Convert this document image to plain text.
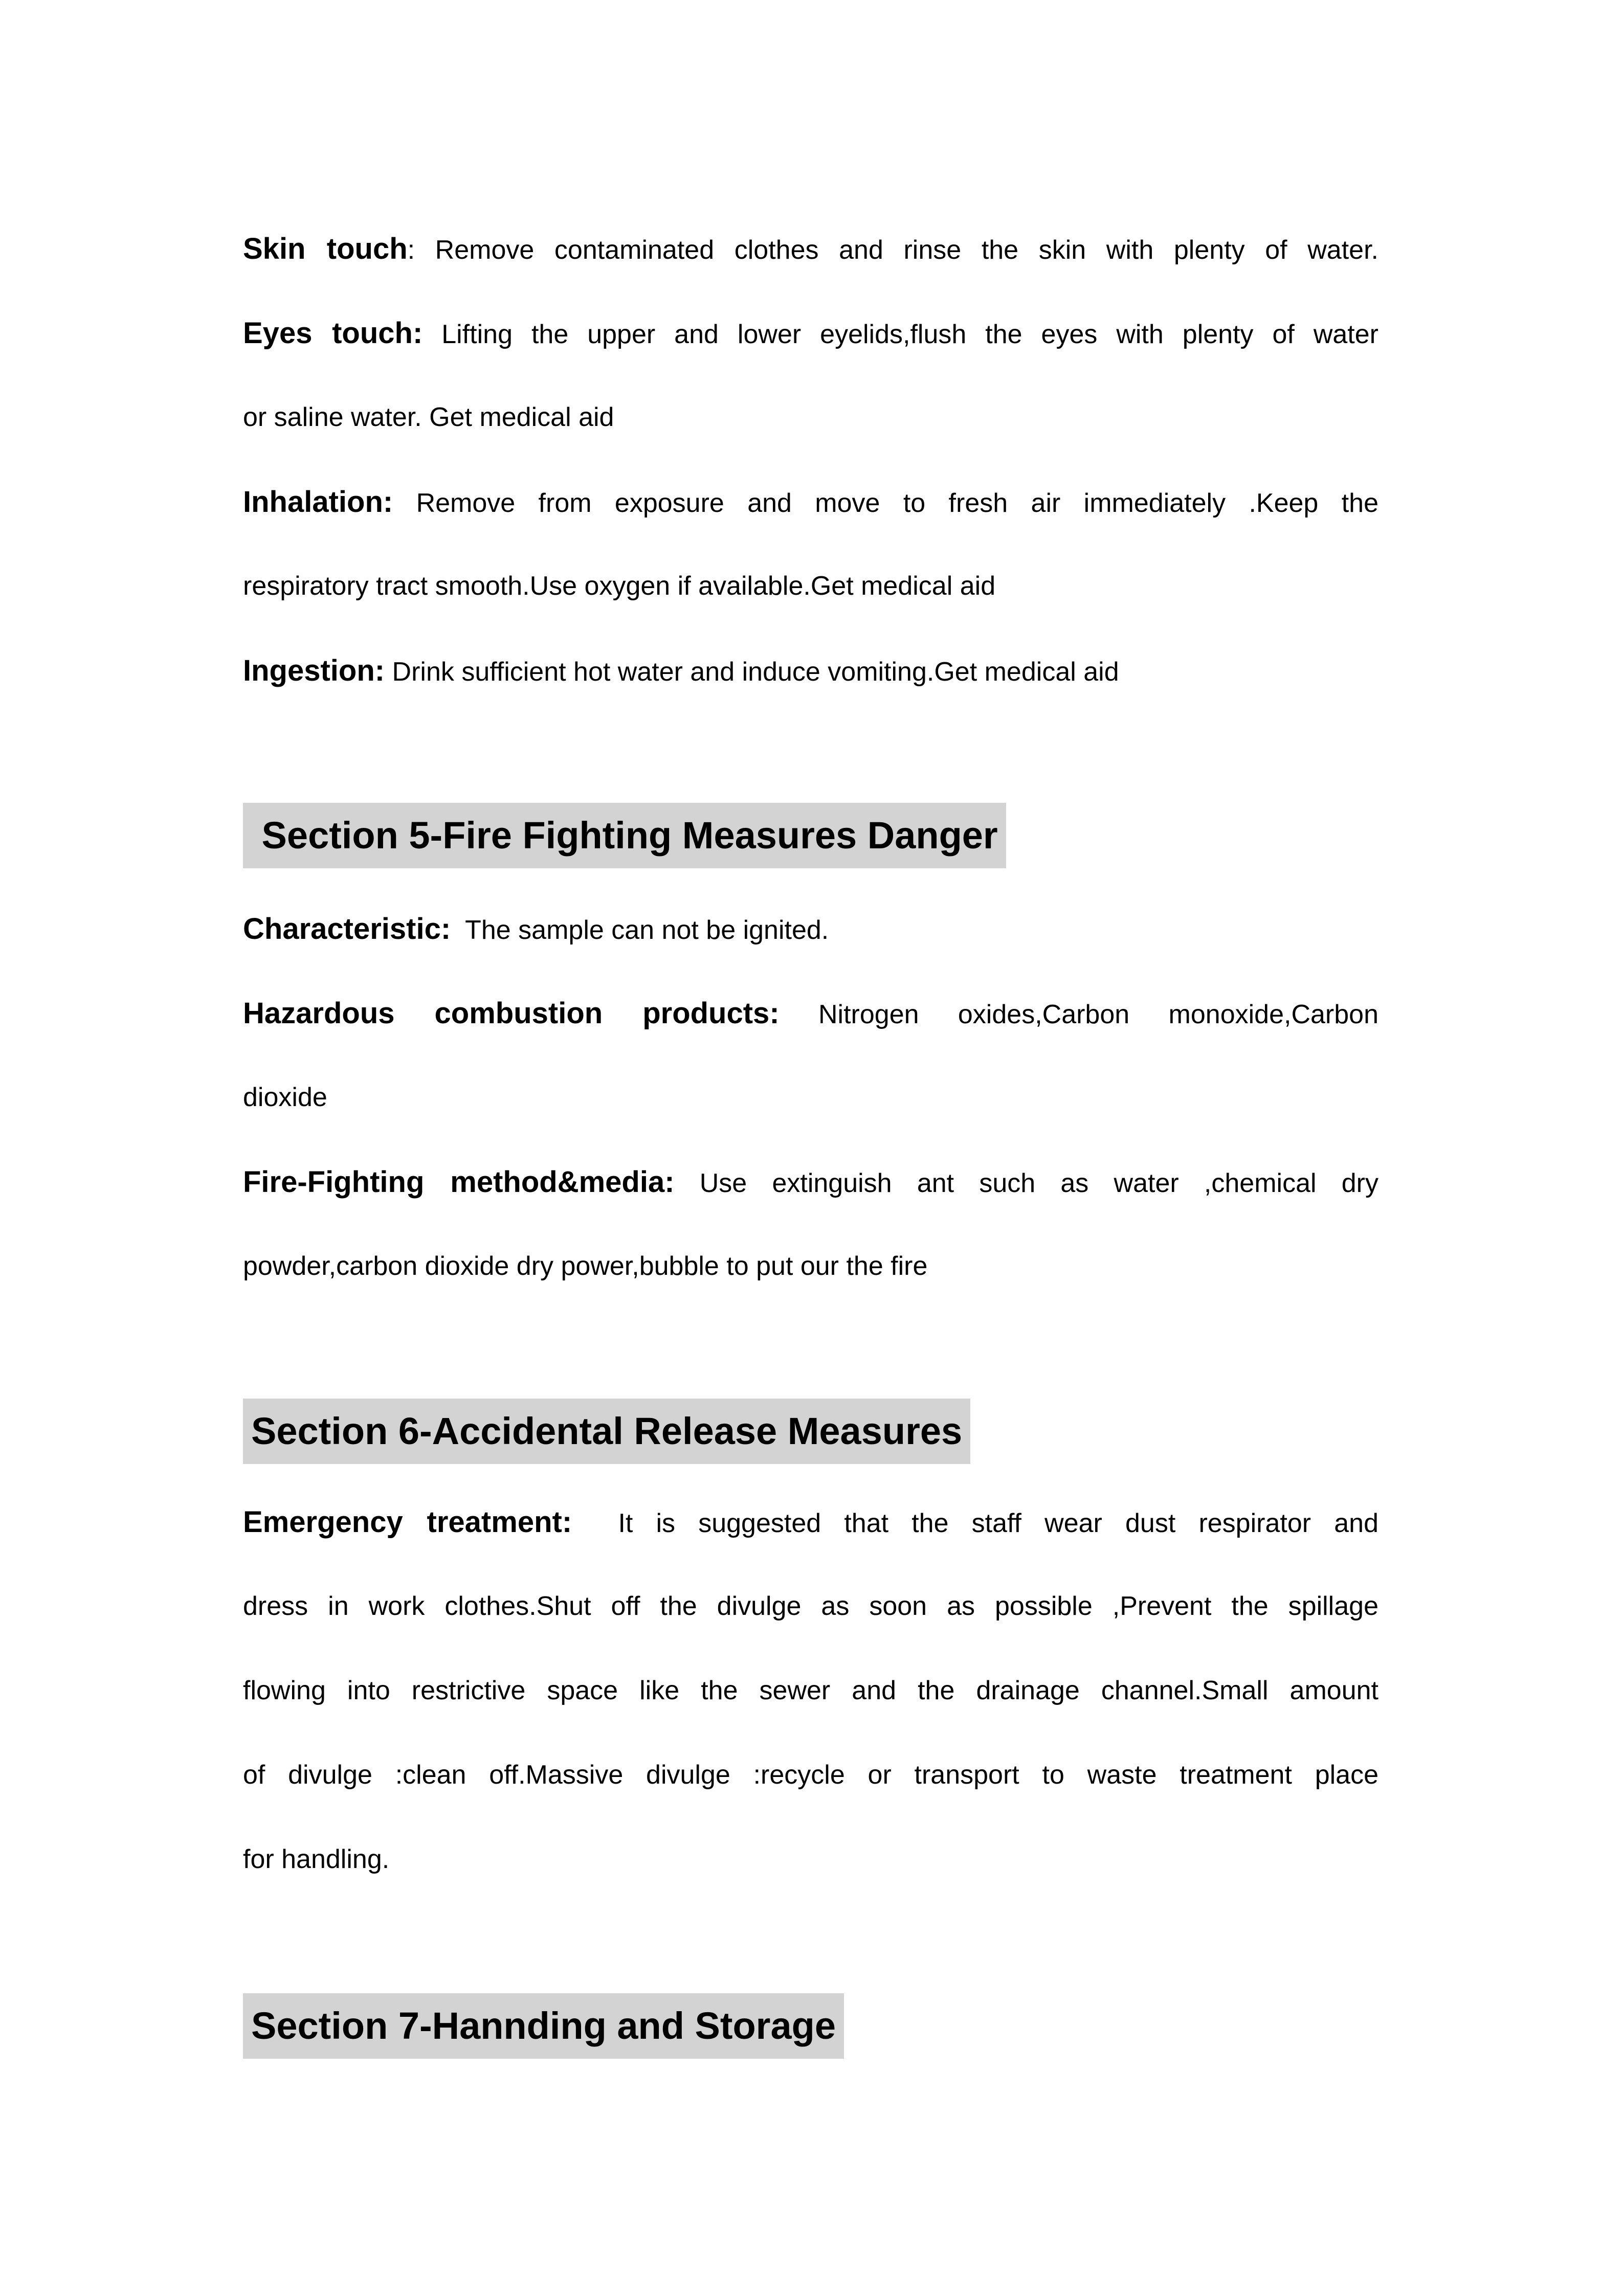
Skin touch: Remove contaminated clothes and rinse the skin with plenty of water.
Eyes touch: Lifting the upper and lower eyelids,flush the eyes with plenty of water
or saline water. Get medical aid
Inhalation: Remove from exposure and move to fresh air immediately .Keep the
respiratory tract smooth.Use oxygen if available.Get medical aid
Ingestion: Drink sufficient hot water and induce vomiting.Get medical aid
Section 5-Fire Fighting Measures Danger
Characteristic:  The sample can not be ignited.
Hazardous combustion products: Nitrogen oxides,Carbon monoxide,Carbon
dioxide
Fire-Fighting method&media: Use extinguish ant such as water ,chemical dry
powder,carbon dioxide dry power,bubble to put our the fire
Section 6-Accidental Release Measures
Emergency treatment:  It is suggested that the staff wear dust respirator and
dress in work clothes.Shut off the divulge as soon as possible ,Prevent the spillage
flowing into restrictive space like the sewer and the drainage channel.Small amount
of divulge :clean off.Massive divulge :recycle or transport to waste treatment place
for handling.
Section 7-Hannding and Storage
